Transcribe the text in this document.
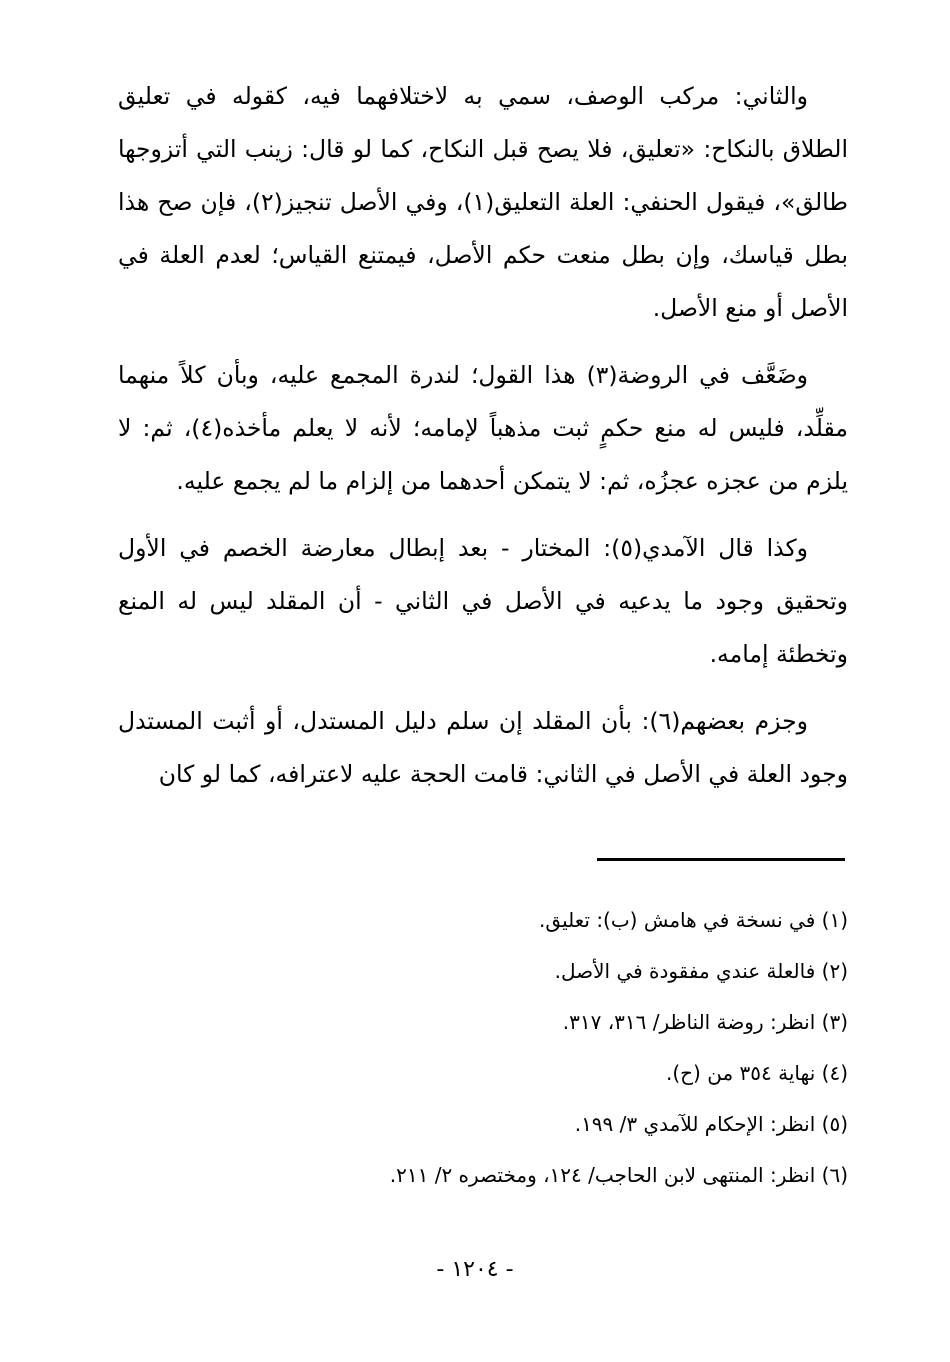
والثاني: مركب الوصف، سمي به لاختلافهما فيه، كقوله في تعليق الطلاق بالنكاح: «تعليق، فلا يصح قبل النكاح، كما لو قال: زينب التي أتزوجها طالق»، فيقول الحنفي: العلة التعليق(١)، وفي الأصل تنجيز(٢)، فإن صح هذا بطل قياسك، وإن بطل منعت حكم الأصل، فيمتنع القياس؛ لعدم العلة في الأصل أو منع الأصل.

وضَعَّف في الروضة(٣) هذا القول؛ لندرة المجمع عليه، وبأن كلاً منهما مقلِّد، فليس له منع حكمٍ ثبت مذهباً لإمامه؛ لأنه لا يعلم مأخذه(٤)، ثم: لا يلزم من عجزه عجزُه، ثم: لا يتمكن أحدهما من إلزام ما لم يجمع عليه.

وكذا قال الآمدي(٥): المختار - بعد إبطال معارضة الخصم في الأول وتحقيق وجود ما يدعيه في الأصل في الثاني - أن المقلد ليس له المنع وتخطئة إمامه.

وجزم بعضهم(٦): بأن المقلد إن سلم دليل المستدل، أو أثبت المستدل وجود العلة في الأصل في الثاني: قامت الحجة عليه لاعترافه، كما لو كان

(١) في نسخة في هامش (ب): تعليق.
(٢) فالعلة عندي مفقودة في الأصل.
(٣) انظر: روضة الناظر/ ٣١٦، ٣١٧.
(٤) نهاية ٣٥٤ من (ح).
(٥) انظر: الإحكام للآمدي ٣/ ١٩٩.
(٦) انظر: المنتهى لابن الحاجب/ ١٢٤، ومختصره ٢/ ٢١١.
- ١٢٠٤ -
